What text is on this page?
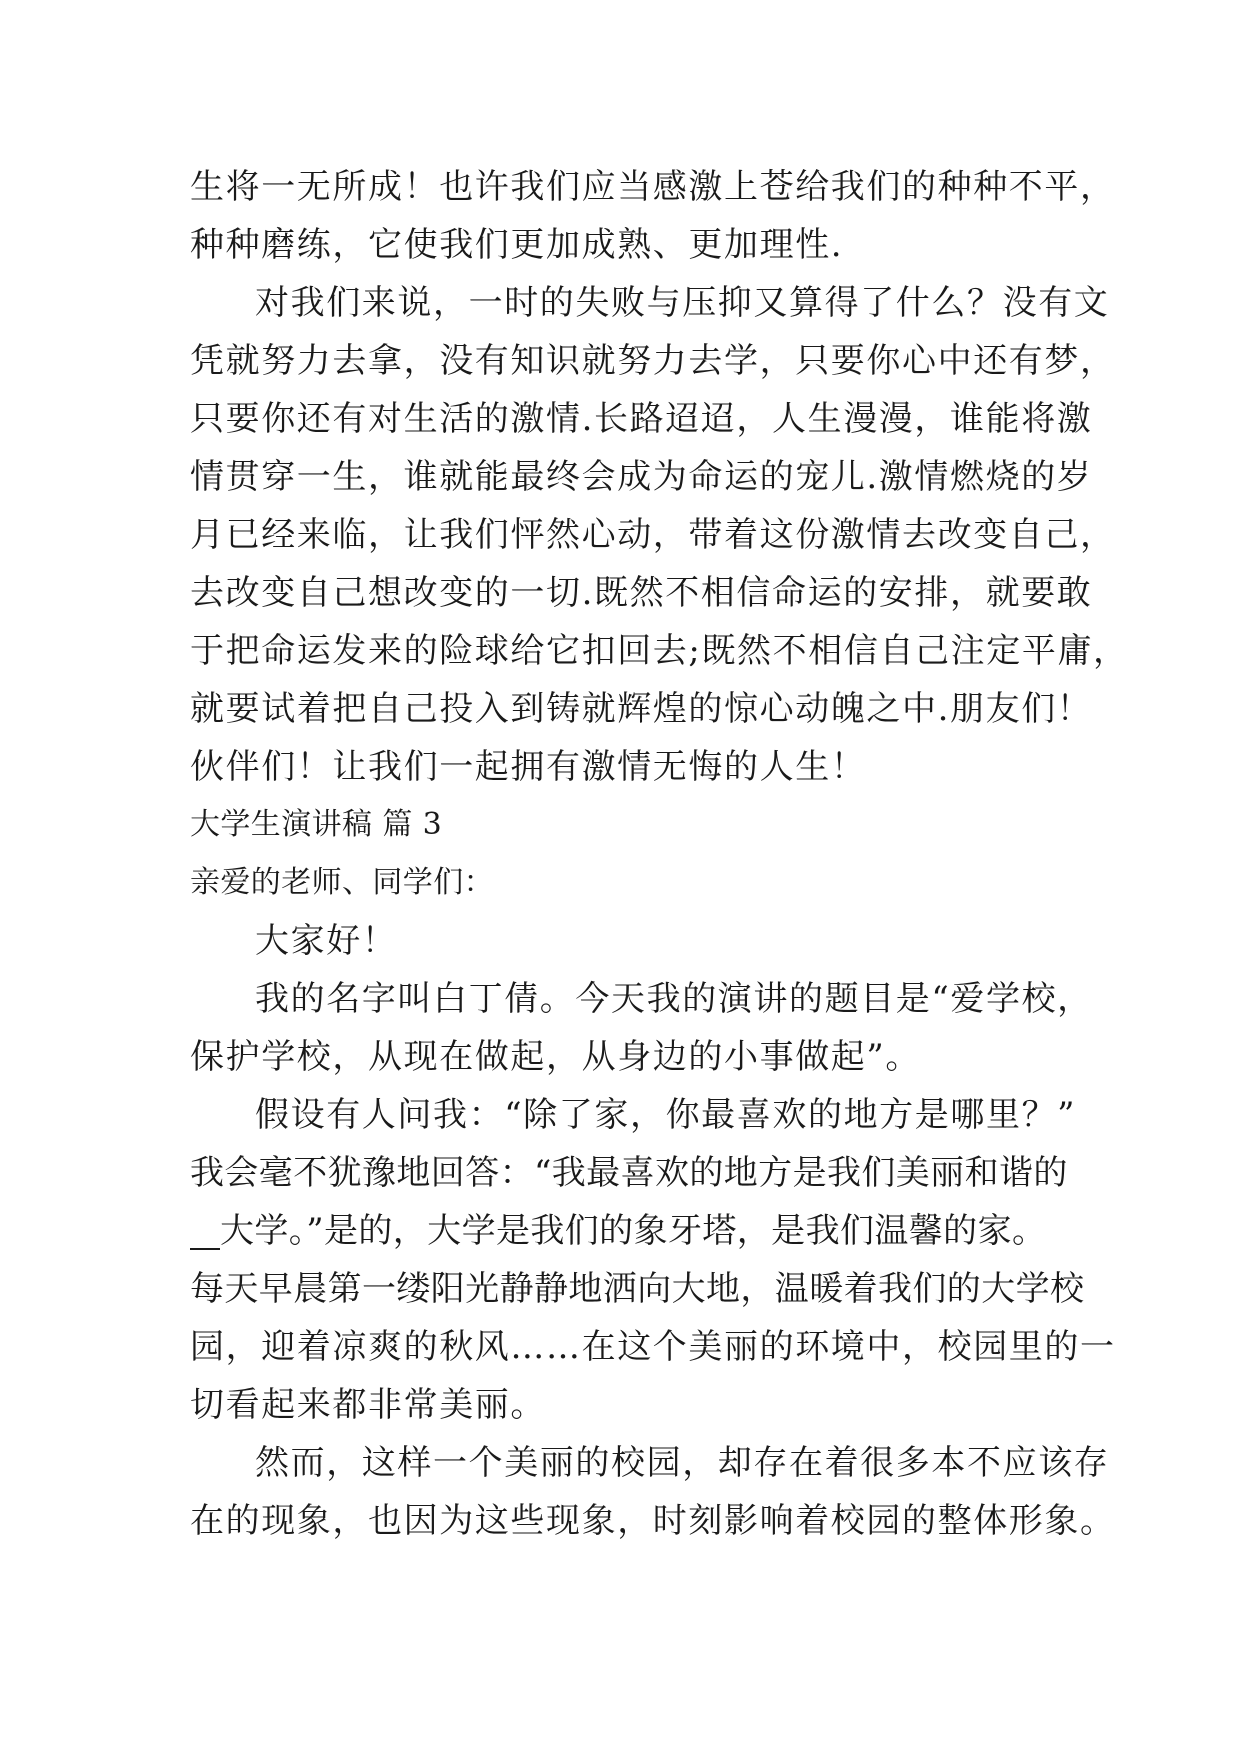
生将一无所成！也许我们应当感激上苍给我们的种种不平，
种种磨练，它使我们更加成熟、更加理性.
对我们来说，一时的失败与压抑又算得了什么？没有文
凭就努力去拿，没有知识就努力去学，只要你心中还有梦，
只要你还有对生活的激情.长路迢迢，人生漫漫，谁能将激
情贯穿一生，谁就能最终会成为命运的宠儿.激情燃烧的岁
月已经来临，让我们怦然心动，带着这份激情去改变自己，
去改变自己想改变的一切.既然不相信命运的安排，就要敢
于把命运发来的险球给它扣回去;既然不相信自己注定平庸，
就要试着把自己投入到铸就辉煌的惊心动魄之中.朋友们！
伙伴们！让我们一起拥有激情无悔的人生！
大学生演讲稿 篇 3
亲爱的老师、同学们：
大家好！
我的名字叫白丁倩。今天我的演讲的题目是“爱学校，
保护学校，从现在做起，从身边的小事做起”。
假设有人问我：“除了家，你最喜欢的地方是哪里？”
我会毫不犹豫地回答：“我最喜欢的地方是我们美丽和谐的
大学。”是的，大学是我们的象牙塔，是我们温馨的家。
每天早晨第一缕阳光静静地洒向大地，温暖着我们的大学校
园，迎着凉爽的秋风……在这个美丽的环境中，校园里的一
切看起来都非常美丽。
然而，这样一个美丽的校园，却存在着很多本不应该存
在的现象，也因为这些现象，时刻影响着校园的整体形象。
